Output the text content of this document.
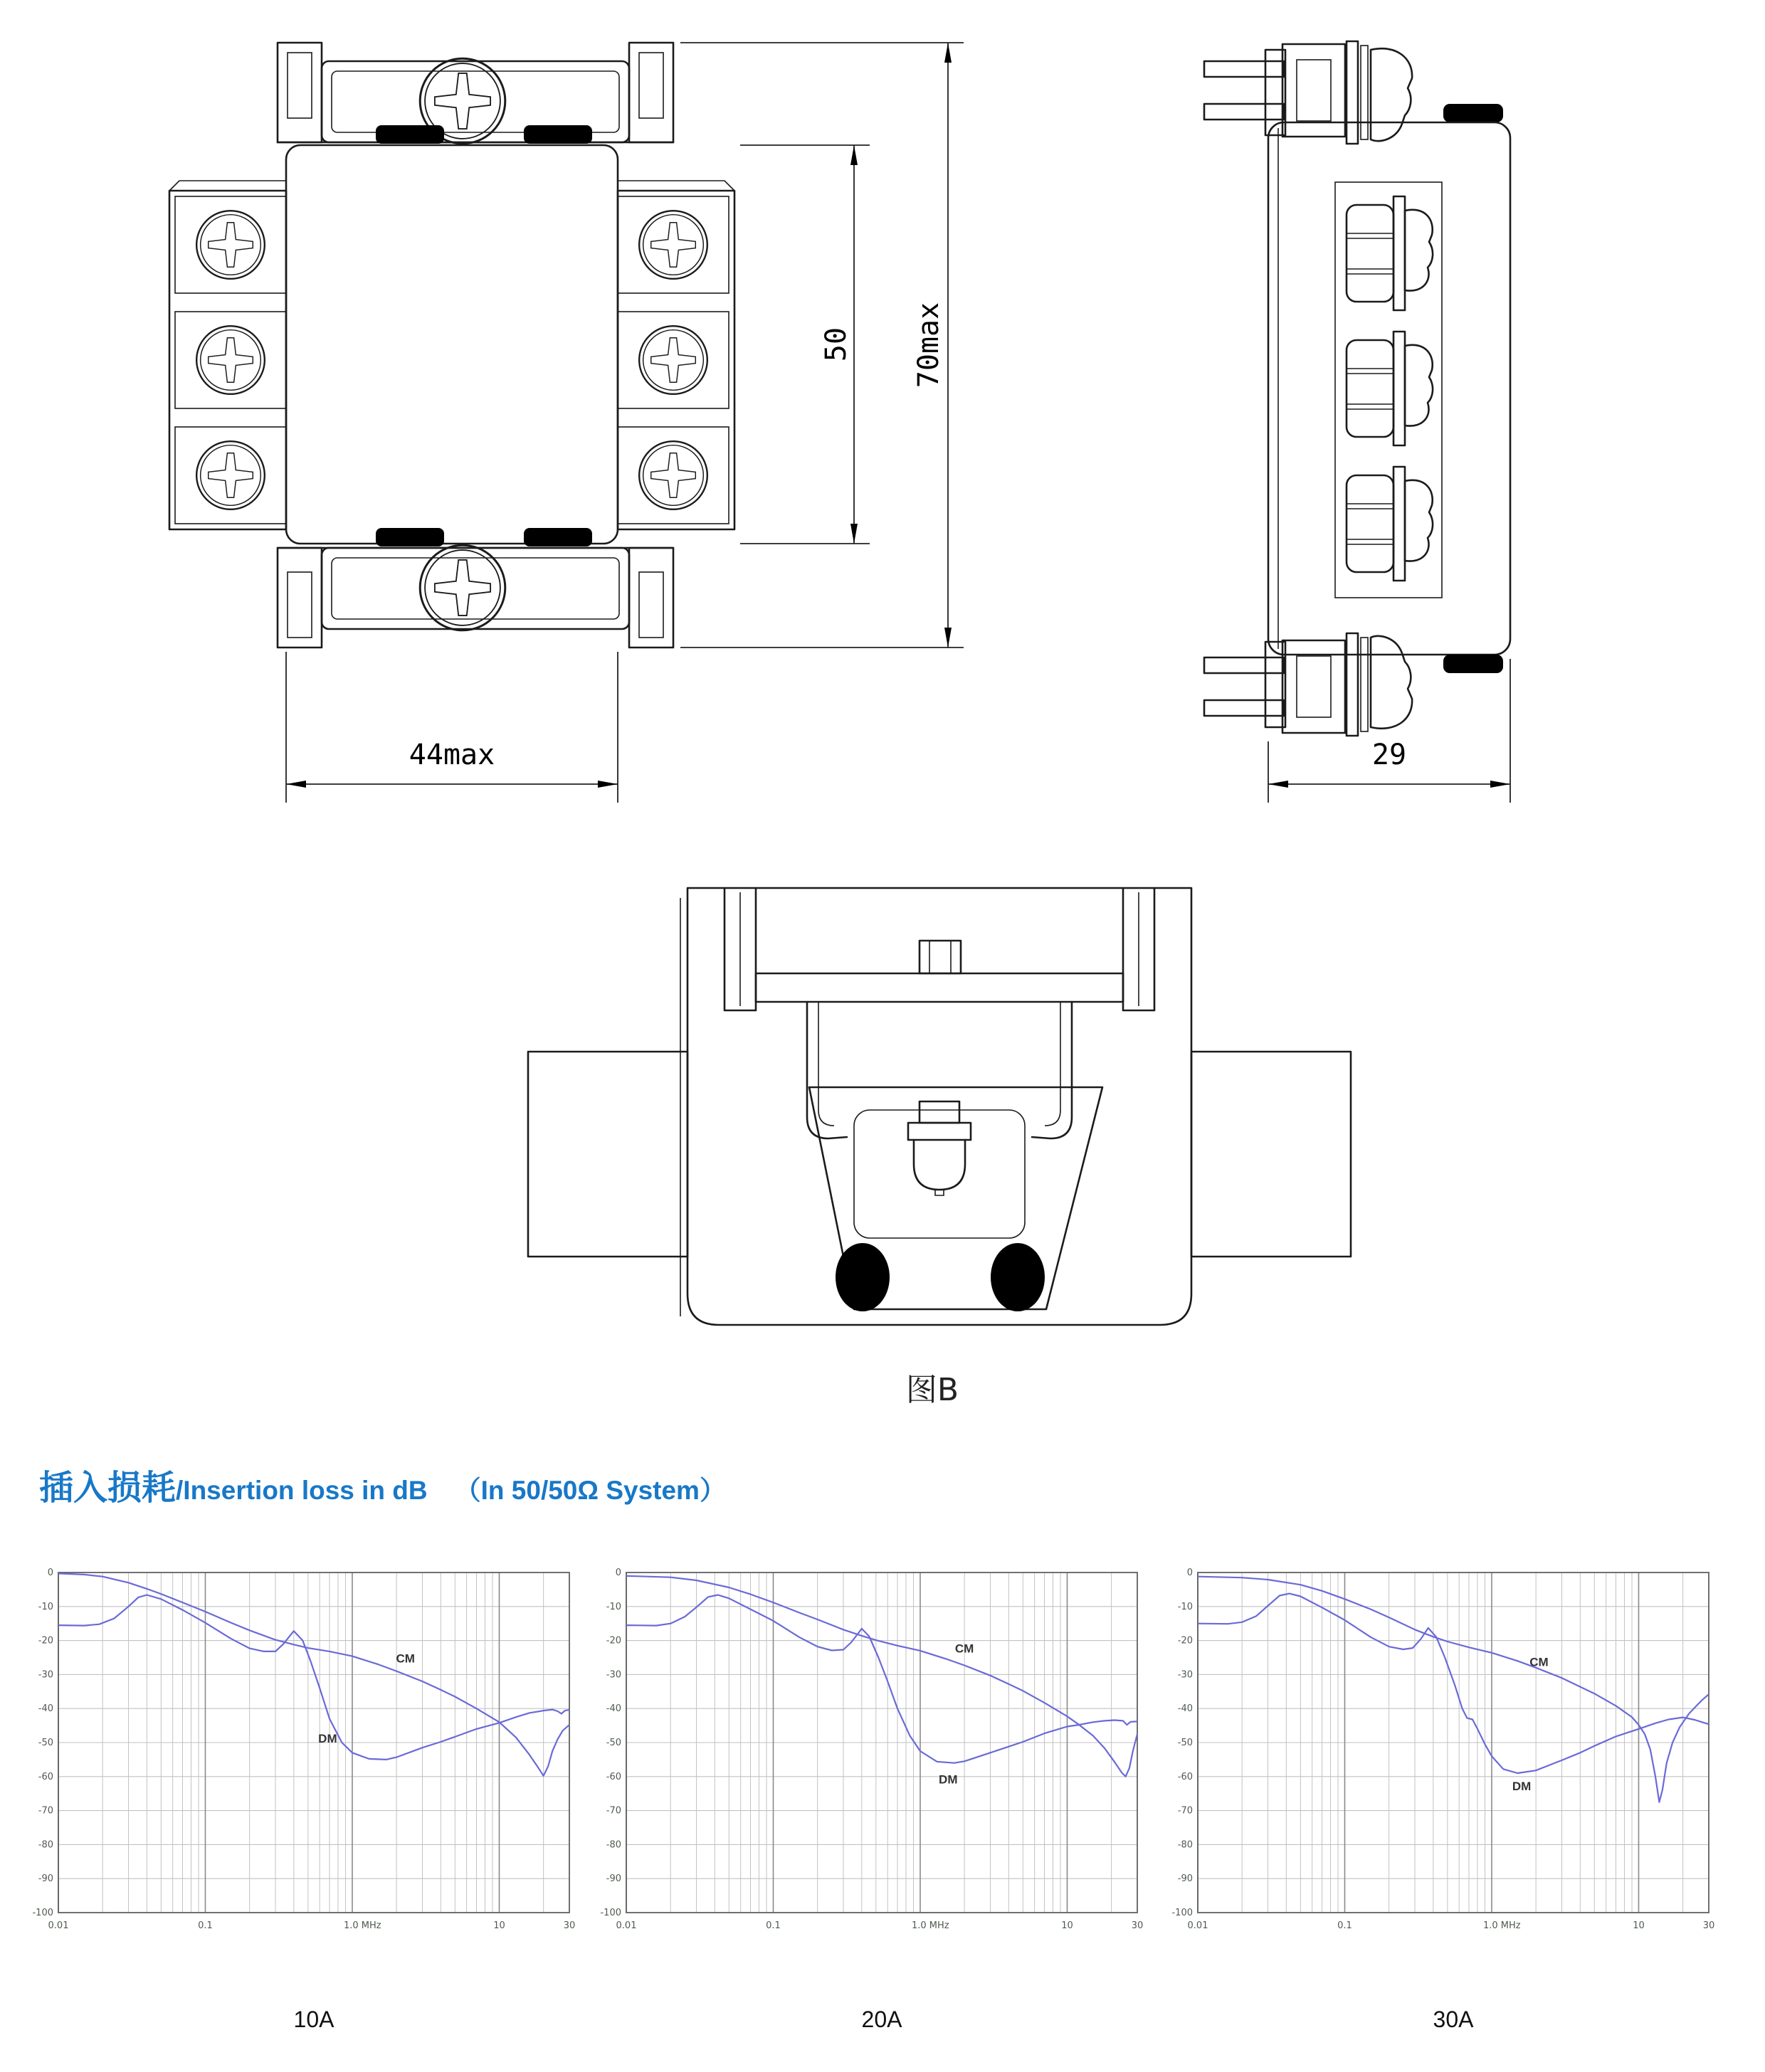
50 70max
44max	29
图B
插入损耗/Insertion loss in dB （In 50/50Ω System）
0
-10
-20
-30
-40
-50
-60
-70
-80
-90
-100
0.01	0.1	1.0 MHz	10	30
CM
DM
0
-10
-20
-30
-40
-50
-60
-70
-80
-90
-100
0.01	0.1	1.0 MHz	10	30
CM
DM
0
-10
-20
-30
-40
-50
-60
-70
-80
-90
-100
0.01	0.1	1.0 MHz	10	30
CM
DM
10A	20A	30A
